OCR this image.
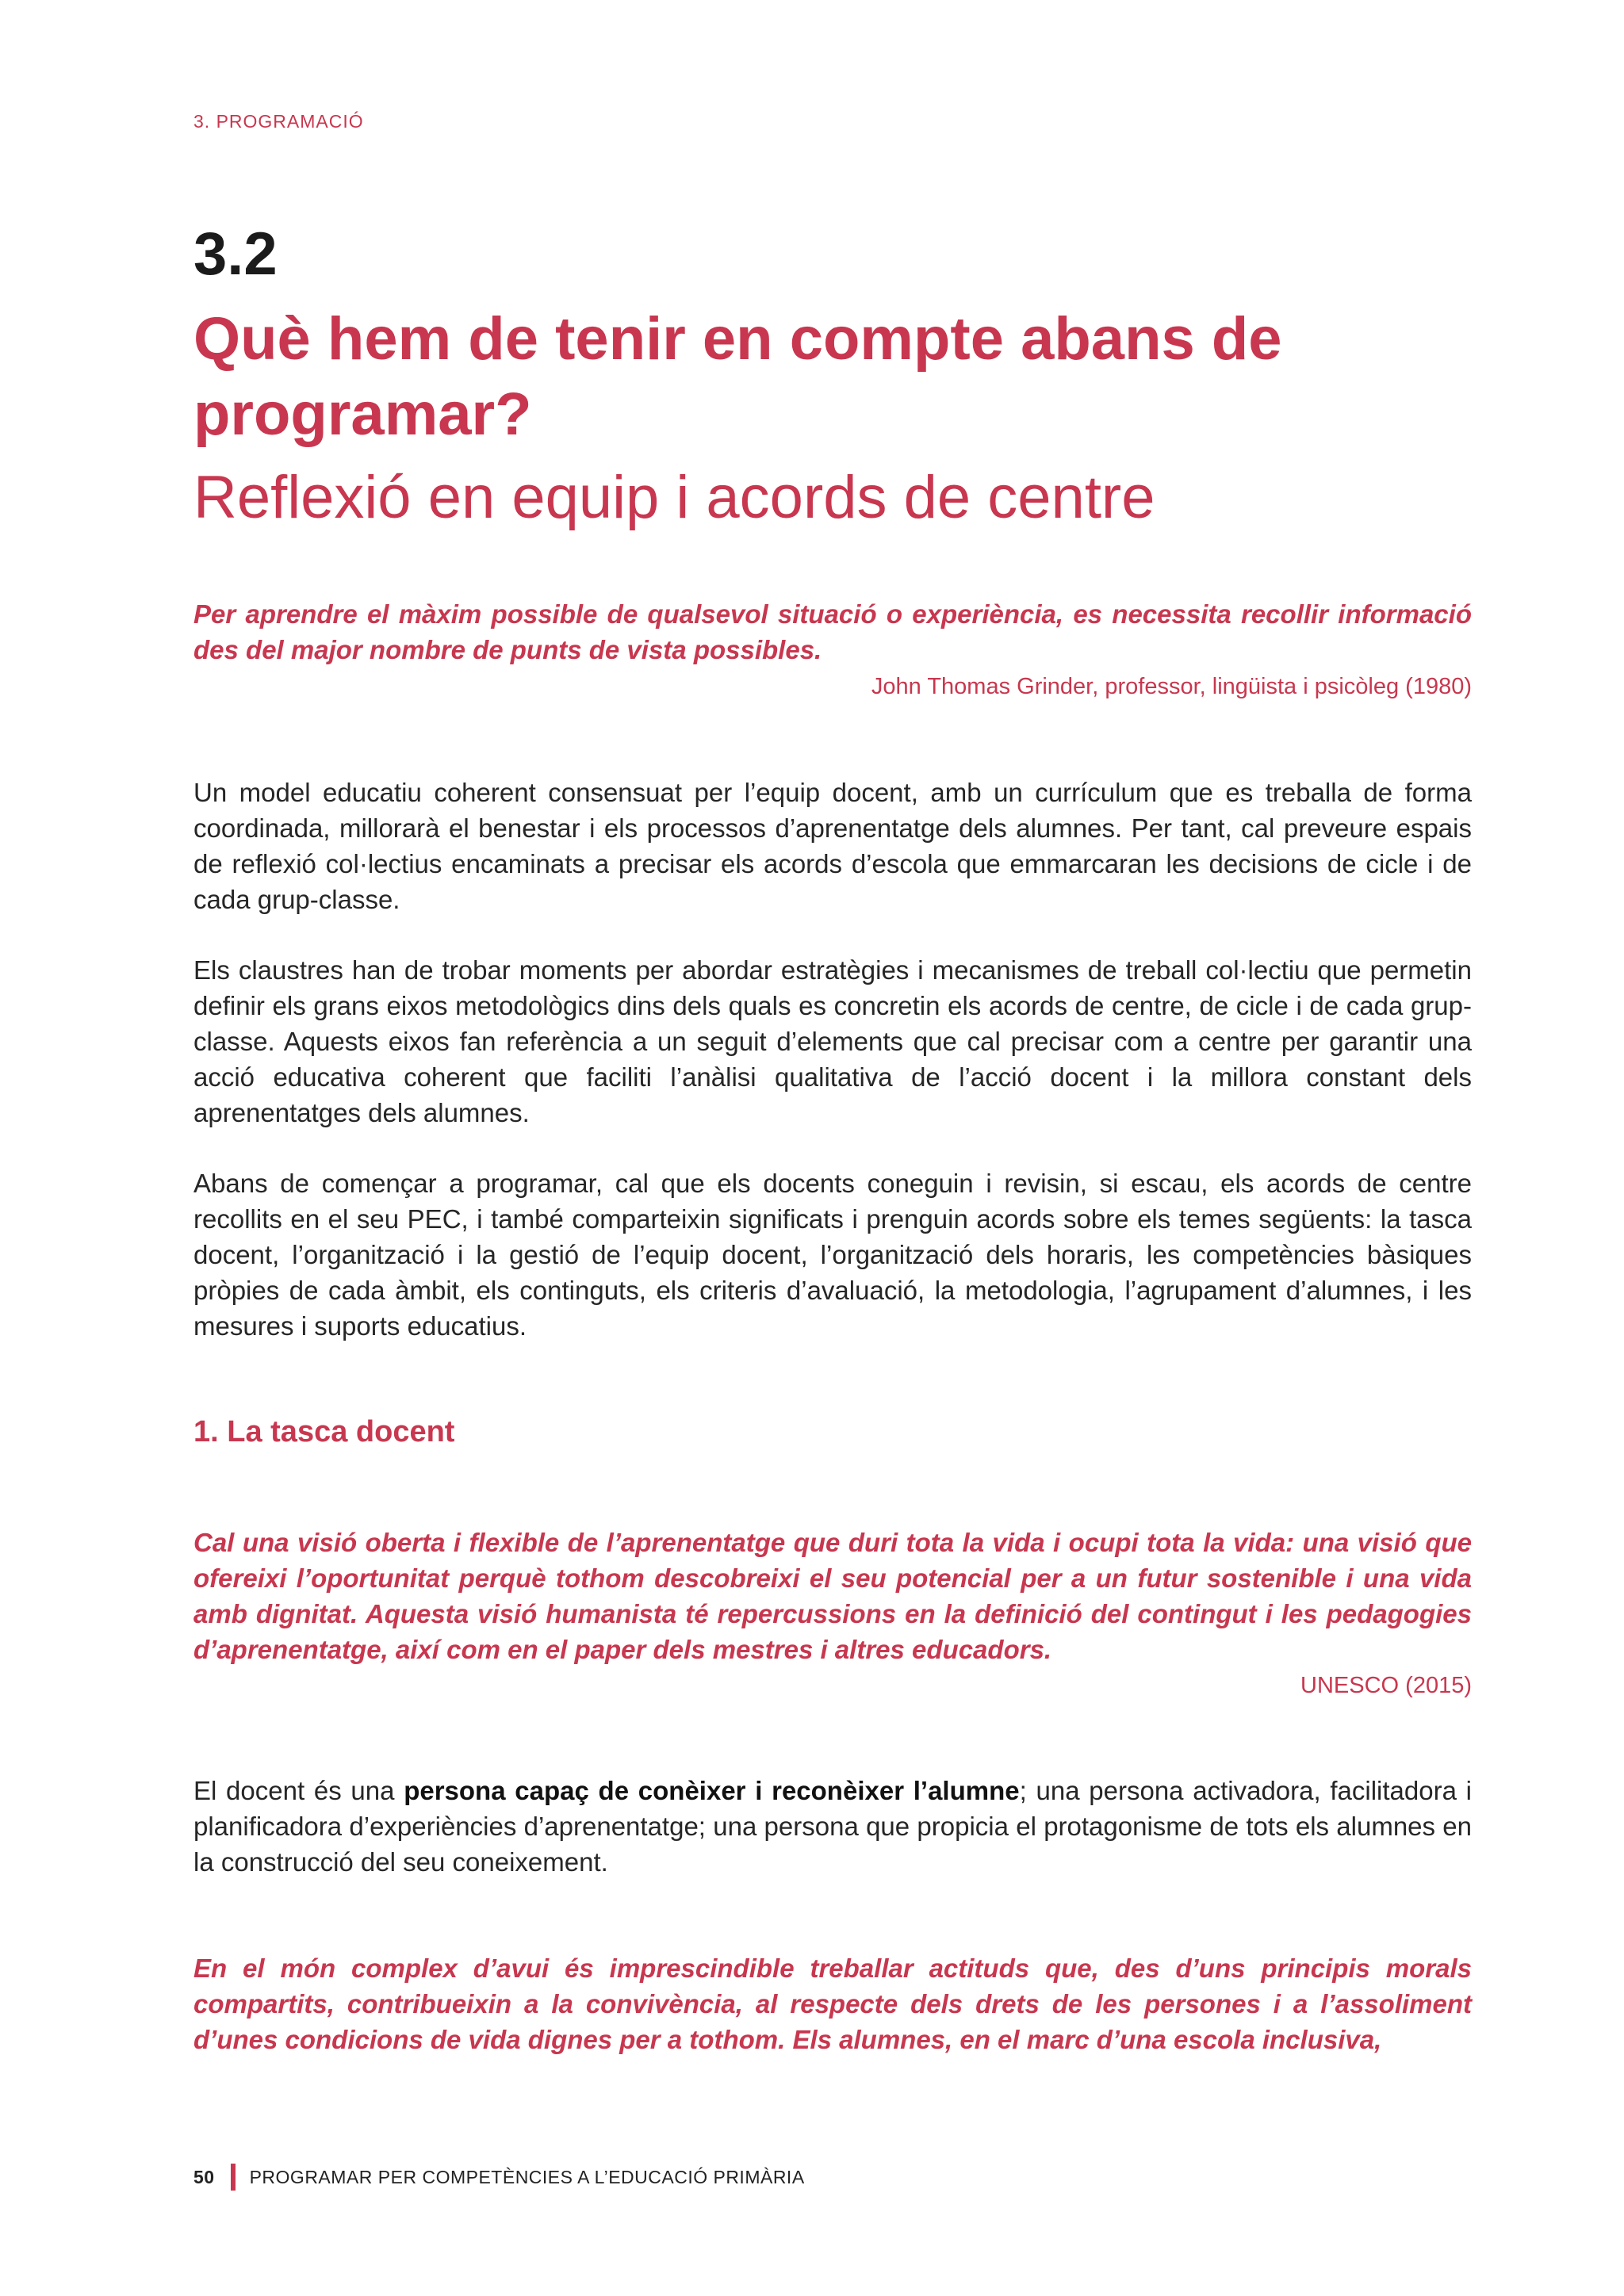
3. PROGRAMACIÓ
3.2
Què hem de tenir en compte abans de
programar?
Reflexió en equip i acords de centre
Per aprendre el màxim possible de qualsevol situació o experiència, es necessita recollir informació des del major nombre de punts de vista possibles.
John Thomas Grinder, professor, lingüista i psicòleg (1980)
Un model educatiu coherent consensuat per l’equip docent, amb un currículum que es treballa de forma coordinada, millorarà el benestar i els processos d’aprenentatge dels alumnes. Per tant, cal preveure espais de reflexió col·lectius encaminats a precisar els acords d’escola que emmarcaran les decisions de cicle i de cada grup-classe.
Els claustres han de trobar moments per abordar estratègies i mecanismes de treball col·lectiu que permetin definir els grans eixos metodològics dins dels quals es concretin els acords de centre, de cicle i de cada grup-classe. Aquests eixos fan referència a un seguit d’elements que cal precisar com a centre per garantir una acció educativa coherent que faciliti l’anàlisi qualitativa de l’acció docent i la millora constant dels aprenentatges dels alumnes.
Abans de començar a programar, cal que els docents coneguin i revisin, si escau, els acords de centre recollits en el seu PEC, i també comparteixin significats i prenguin acords sobre els temes següents: la tasca docent, l’organització i la gestió de l’equip docent, l’organització dels horaris, les competències bàsiques pròpies de cada àmbit, els continguts, els criteris d’avaluació, la metodologia, l’agrupament d’alumnes, i les mesures i suports educatius.
1. La tasca docent
Cal una visió oberta i flexible de l’aprenentatge que duri tota la vida i ocupi tota la vida: una visió que ofereixi l’oportunitat perquè tothom descobreixi el seu potencial per a un futur sostenible i una vida amb dignitat. Aquesta visió humanista té repercussions en la definició del contingut i les pedagogies d’aprenentatge, així com en el paper dels mestres i altres educadors.
UNESCO (2015)
El docent és una persona capaç de conèixer i reconèixer l’alumne; una persona activadora, facilitadora i planificadora d’experiències d’aprenentatge; una persona que propicia el protagonisme de tots els alumnes en la construcció del seu coneixement.
En el món complex d’avui és imprescindible treballar actituds que, des d’uns principis morals compartits, contribueixin a la convivència, al respecte dels drets de les persones i a l’assoliment d’unes condicions de vida dignes per a tothom. Els alumnes, en el marc d’una escola inclusiva,
50 PROGRAMAR PER COMPETÈNCIES A L’EDUCACIÓ PRIMÀRIA
